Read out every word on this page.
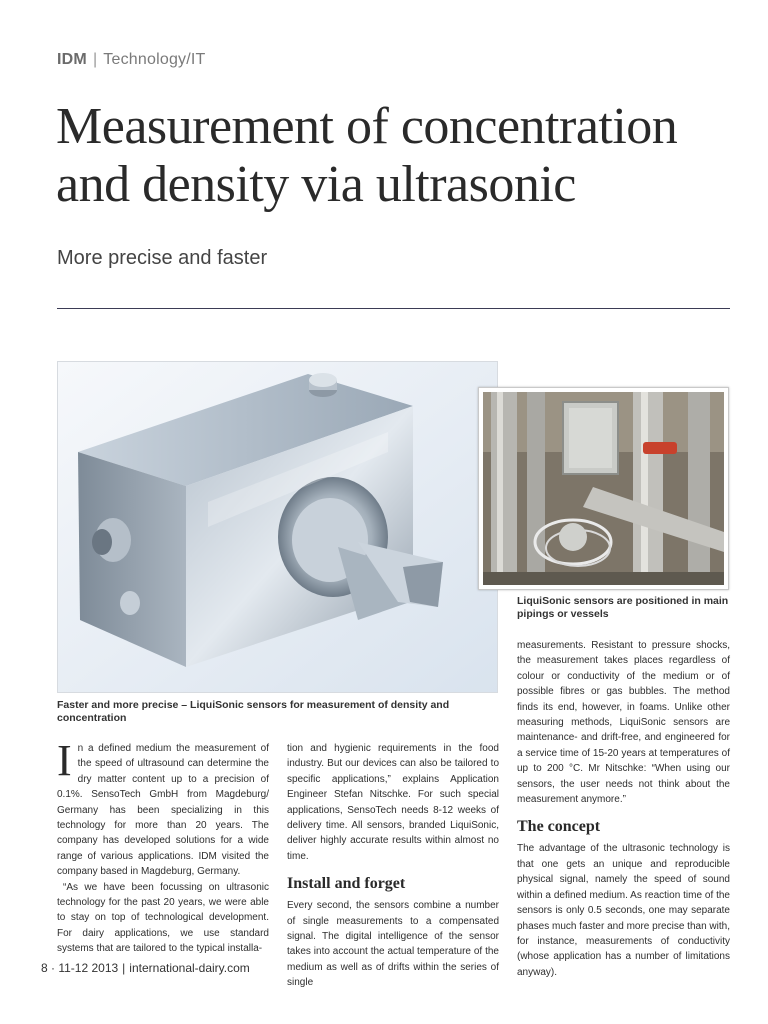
IDM | Technology/IT
Measurement of concentration and density via ultrasonic
More precise and faster
LiquiSonic sensors are positioned in main pipings or vessels
Faster and more precise – LiquiSonic sensors for measurement of density and concentration

In a defined medium the measurement of the speed of ultrasound can determine the dry matter content up to a precision of 0.1%. SensoTech GmbH from Magdeburg/ Germany has been specializing in this technology for more than 20 years. The company has developed solutions for a wide range of various applications. IDM visited the company based in Magdeburg, Germany.

“As we have been focussing on ultrasonic technology for the past 20 years, we were able to stay on top of technological development. For dairy applications, we use standard systems that are tailored to the typical installa-

tion and hygienic requirements in the food industry. But our devices can also be tailored to specific applications,” explains Application Engineer Stefan Nitschke. For such special applications, SensoTech needs 8-12 weeks of delivery time. All sensors, branded LiquiSonic, deliver highly accurate results within almost no time.

Install and forget

Every second, the sensors combine a number of single measurements to a compensated signal. The digital intelligence of the sensor takes into account the actual temperature of the medium as well as of drifts within the series of single

measurements. Resistant to pressure shocks, the measurement takes places regardless of colour or conductivity of the medium or of possible fibres or gas bubbles. The method finds its end, however, in foams. Unlike other measuring methods, LiquiSonic sensors are maintenance- and drift-free, and engineered for a service time of 15-20 years at temperatures of up to 200 °C. Mr Nitschke: “When using our sensors, the user needs not think about the measurement anymore.”

The concept

The advantage of the ultrasonic technology is that one gets an unique and reproducible physical signal, namely the speed of sound within a defined medium. As reaction time of the sensors is only 0.5 seconds, one may separate phases much faster and more precise than with, for instance, measurements of conductivity (whose application has a number of limitations anyway).

8 · 11-12 2013 | international-dairy.com
